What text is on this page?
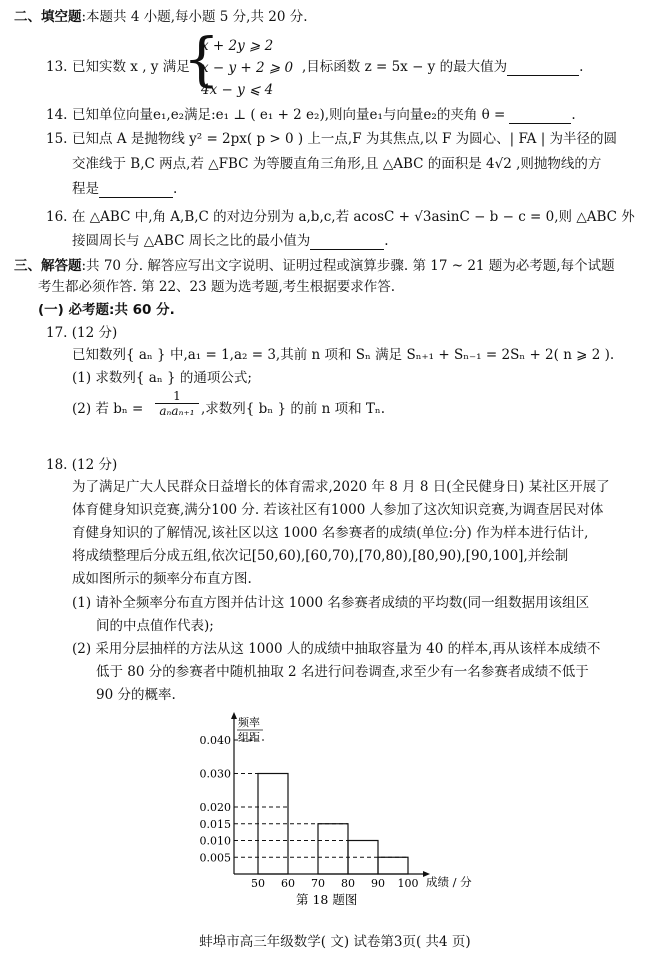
二、填空题:本题共 4 小题,每小题 5 分,共 20 分.
13. 已知实数 x , y 满足
{
x + 2y ⩾ 2
x − y + 2 ⩾ 0
4x − y ⩽ 4
,目标函数 z = 5x − y 的最大值为	.
14. 已知单位向量e₁,e₂满足:e₁ ⊥ ( e₁ + 2 e₂),则向量e₁与向量e₂的夹角 θ =	.
15. 已知点 A 是抛物线 y² = 2px( p > 0 ) 上一点,F 为其焦点,以 F 为圆心、| FA | 为半径的圆
交准线于 B,C 两点,若 △FBC 为等腰直角三角形,且 △ABC 的面积是 4√2 ,则抛物线的方
程是	.
16. 在 △ABC 中,角 A,B,C 的对边分别为 a,b,c,若 acosC + √3asinC − b − c = 0,则 △ABC 外
接圆周长与 △ABC 周长之比的最小值为	.
三、解答题:共 70 分. 解答应写出文字说明、证明过程或演算步骤. 第 17 ~ 21 题为必考题,每个试题
考生都必须作答. 第 22、23 题为选考题,考生根据要求作答.
(一) 必考题:共 60 分.
17. (12 分)
已知数列{ aₙ } 中,a₁ = 1,a₂ = 3,其前 n 项和 Sₙ 满足 Sₙ₊₁ + Sₙ₋₁ = 2Sₙ + 2( n ⩾ 2 ).
(1) 求数列{ aₙ } 的通项公式;
(2) 若 bₙ =
1
aₙaₙ₊₁ ,求数列{ bₙ } 的前 n 项和 Tₙ.
18. (12 分)
为了满足广大人民群众日益增长的体育需求,2020 年 8 月 8 日(全民健身日) 某社区开展了
体育健身知识竞赛,满分100 分. 若该社区有1000 人参加了这次知识竞赛,为调查居民对体
育健身知识的了解情况,该社区以这 1000 名参赛者的成绩(单位:分) 作为样本进行估计,
将成绩整理后分成五组,依次记[50,60),[60,70),[70,80),[80,90),[90,100],并绘制
成如图所示的频率分布直方图.
(1) 请补全频率分布直方图并估计这 1000 名参赛者成绩的平均数(同一组数据用该组区
间的中点值作代表);
(2) 采用分层抽样的方法从这 1000 人的成绩中抽取容量为 40 的样本,再从该样本成绩不
低于 80 分的参赛者中随机抽取 2 名进行问卷调查,求至少有一名参赛者成绩不低于
90 分的概率.
0.040
0.030
0.020
0.015
0.010
0.005
50 60 70 80 90 100
频率
组距
成绩 / 分
第 18 题图
蚌埠市高三年级数学( 文) 试卷第3页( 共4 页)
